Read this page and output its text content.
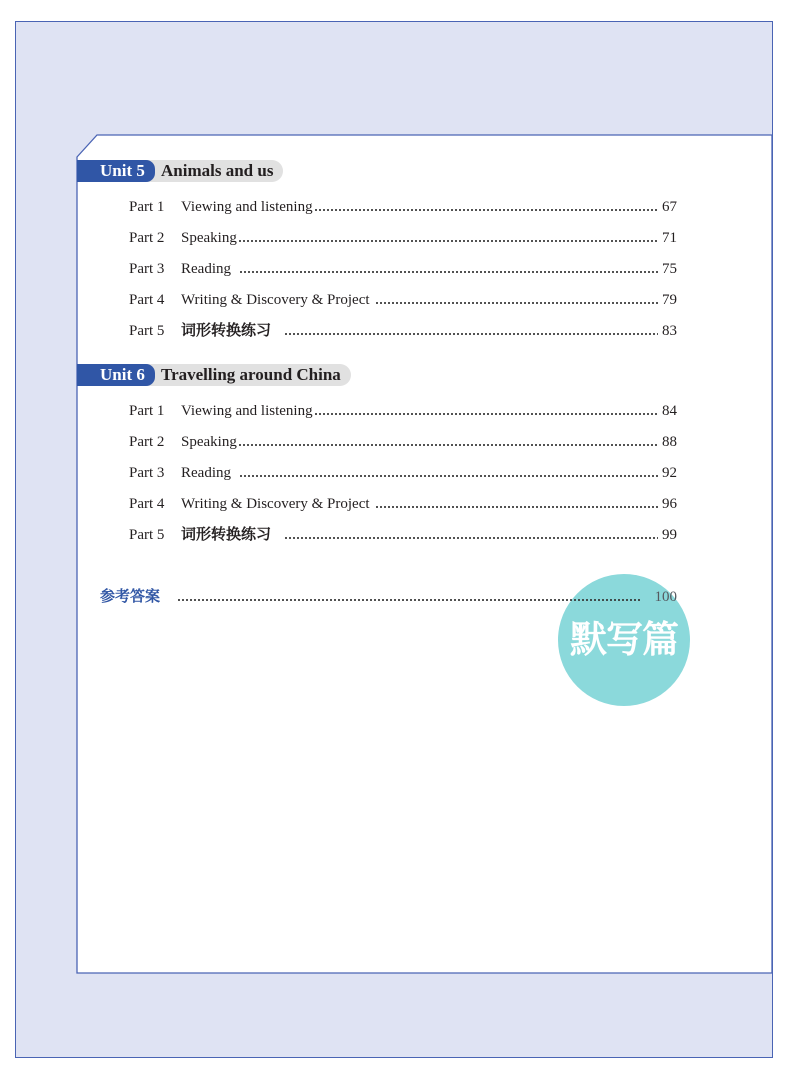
Unit 5 Animals and us
Part 1	Viewing and listening	67
Part 2	Speaking	71
Part 3	Reading	75
Part 4	Writing & Discovery & Project	79
Part 5	词形转换练习	83
Unit 6 Travelling around China
Part 1	Viewing and listening	84
Part 2	Speaking	88
Part 3	Reading	92
Part 4	Writing & Discovery & Project	96
Part 5	词形转换练习	99
默写篇
参考答案	100
